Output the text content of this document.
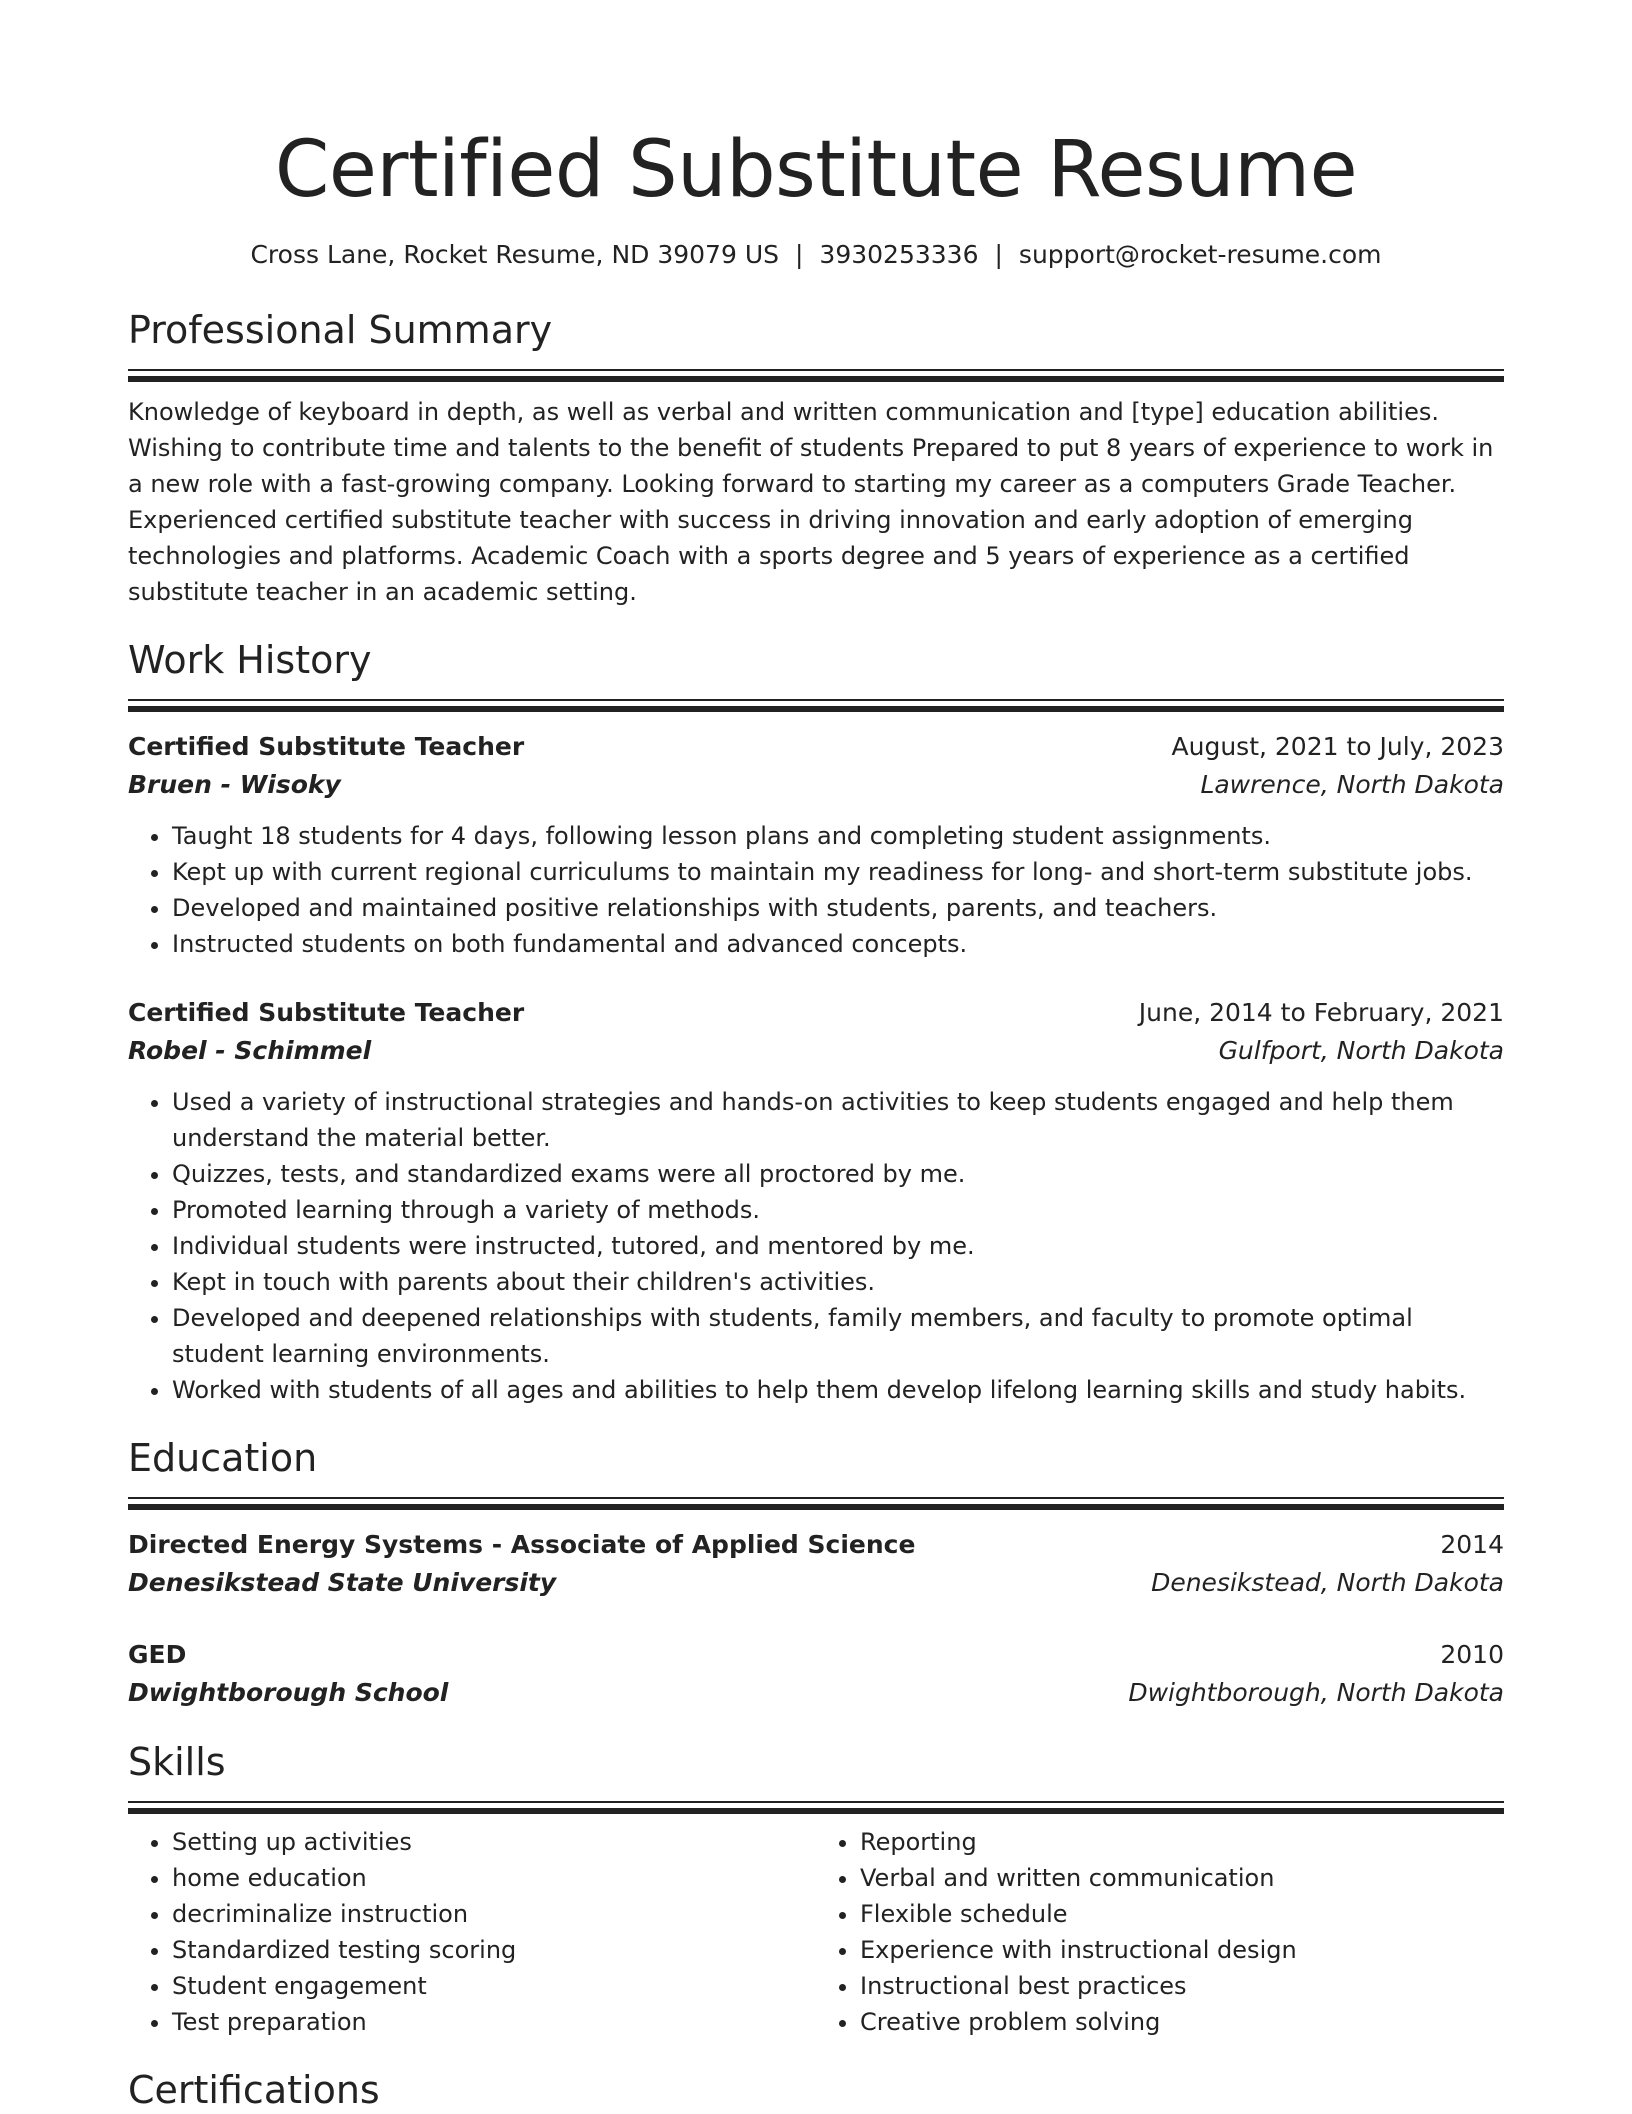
Certified Substitute Resume
Cross Lane, Rocket Resume, ND 39079 US | 3930253336 | support@rocket-resume.com
Professional Summary
Knowledge of keyboard in depth, as well as verbal and written communication and [type] education abilities. Wishing to contribute time and talents to the benefit of students Prepared to put 8 years of experience to work in a new role with a fast-growing company. Looking forward to starting my career as a computers Grade Teacher. Experienced certified substitute teacher with success in driving innovation and early adoption of emerging technologies and platforms. Academic Coach with a sports degree and 5 years of experience as a certified substitute teacher in an academic setting.
Work History
Certified Substitute Teacher	August, 2021 to July, 2023
Bruen - Wisoky	Lawrence, North Dakota
• Taught 18 students for 4 days, following lesson plans and completing student assignments.
• Kept up with current regional curriculums to maintain my readiness for long- and short-term substitute jobs.
• Developed and maintained positive relationships with students, parents, and teachers.
• Instructed students on both fundamental and advanced concepts.
Certified Substitute Teacher	June, 2014 to February, 2021
Robel - Schimmel	Gulfport, North Dakota
• Used a variety of instructional strategies and hands-on activities to keep students engaged and help them understand the material better.
• Quizzes, tests, and standardized exams were all proctored by me.
• Promoted learning through a variety of methods.
• Individual students were instructed, tutored, and mentored by me.
• Kept in touch with parents about their children's activities.
• Developed and deepened relationships with students, family members, and faculty to promote optimal student learning environments.
• Worked with students of all ages and abilities to help them develop lifelong learning skills and study habits.
Education
Directed Energy Systems - Associate of Applied Science	2014
Denesikstead State University	Denesikstead, North Dakota
GED	2010
Dwightborough School	Dwightborough, North Dakota
Skills
• Setting up activities
• home education
• decriminalize instruction
• Standardized testing scoring
• Student engagement
• Test preparation
• Reporting
• Verbal and written communication
• Flexible schedule
• Experience with instructional design
• Instructional best practices
• Creative problem solving
Certifications
